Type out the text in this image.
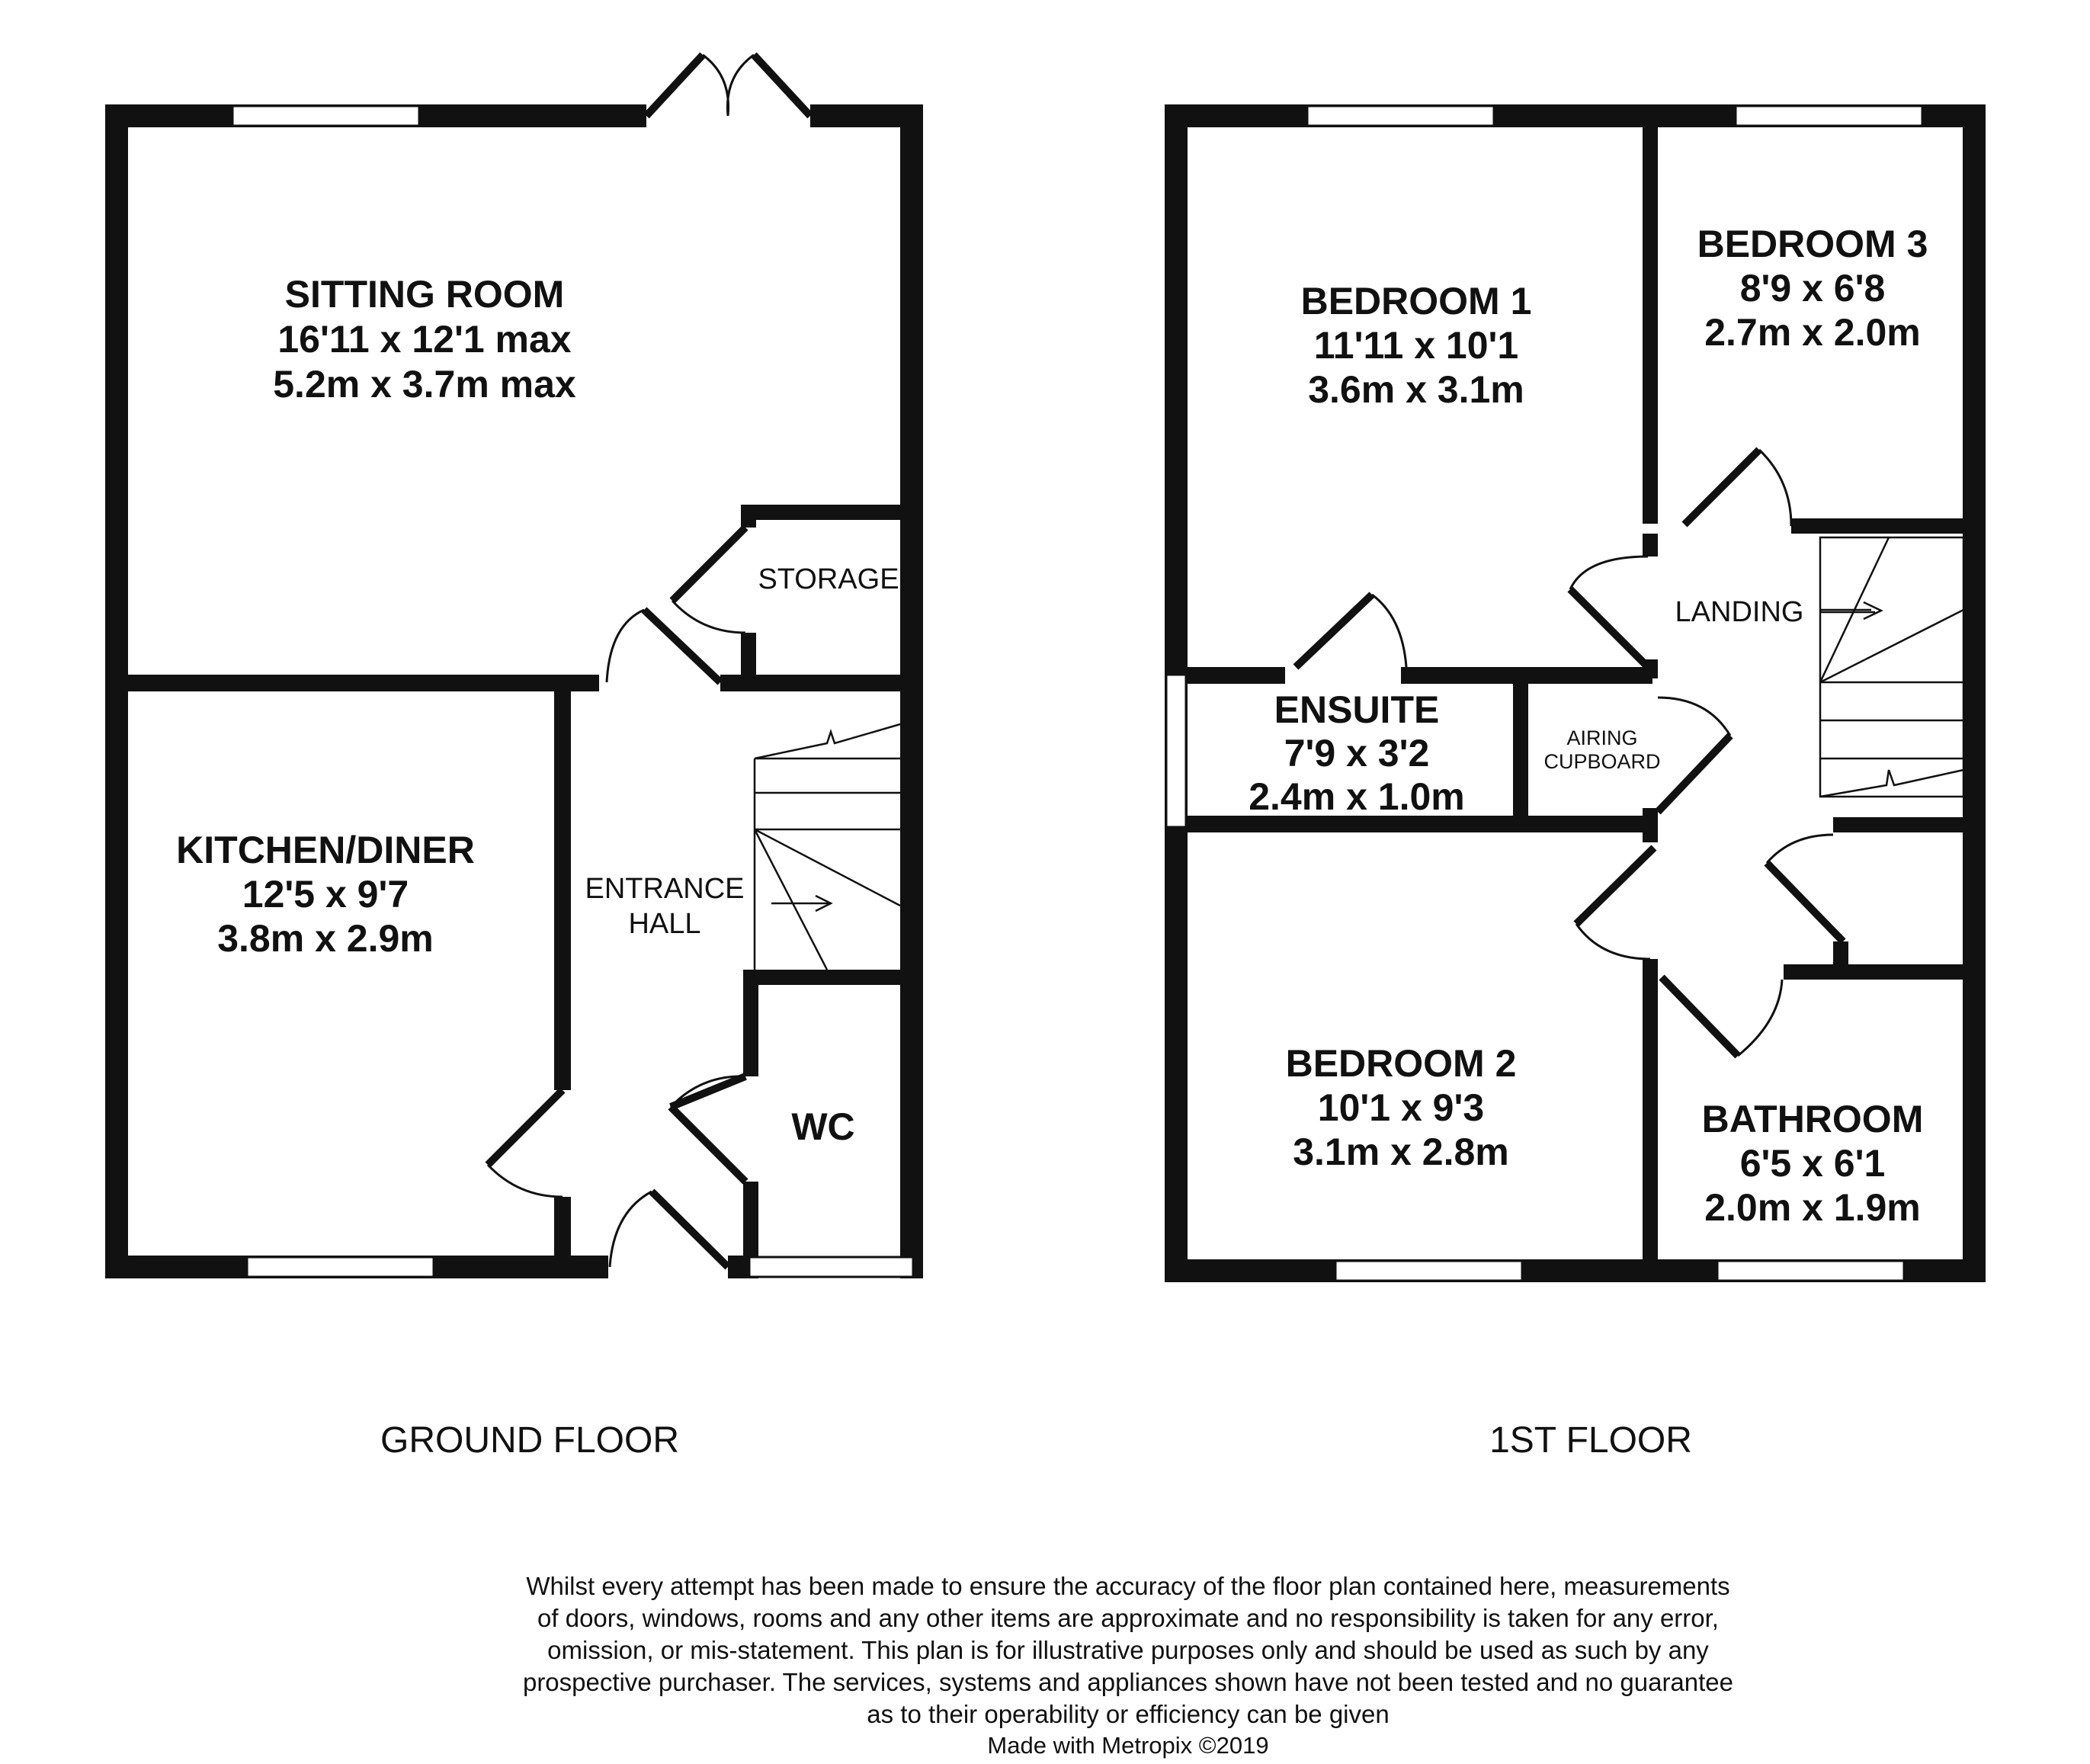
SITTING ROOM
16'11 x 12'1 max
5.2m x 3.7m max
STORAGE
KITCHEN/DINER
12'5 x 9'7
3.8m x 2.9m
ENTRANCE
HALL
WC
GROUND FLOOR
BEDROOM 1
11'11 x 10'1
3.6m x 3.1m
BEDROOM 3
8'9 x 6'8
2.7m x 2.0m
LANDING
ENSUITE
7'9 x 3'2
2.4m x 1.0m
AIRING
CUPBOARD
BEDROOM 2
10'1 x 9'3
3.1m x 2.8m
BATHROOM
6'5 x 6'1
2.0m x 1.9m
1ST FLOOR
Whilst every attempt has been made to ensure the accuracy of the floor plan contained here, measurements
of doors, windows, rooms and any other items are approximate and no responsibility is taken for any error,
omission, or mis-statement. This plan is for illustrative purposes only and should be used as such by any
prospective purchaser. The services, systems and appliances shown have not been tested and no guarantee
as to their operability or efficiency can be given
Made with Metropix ©2019
